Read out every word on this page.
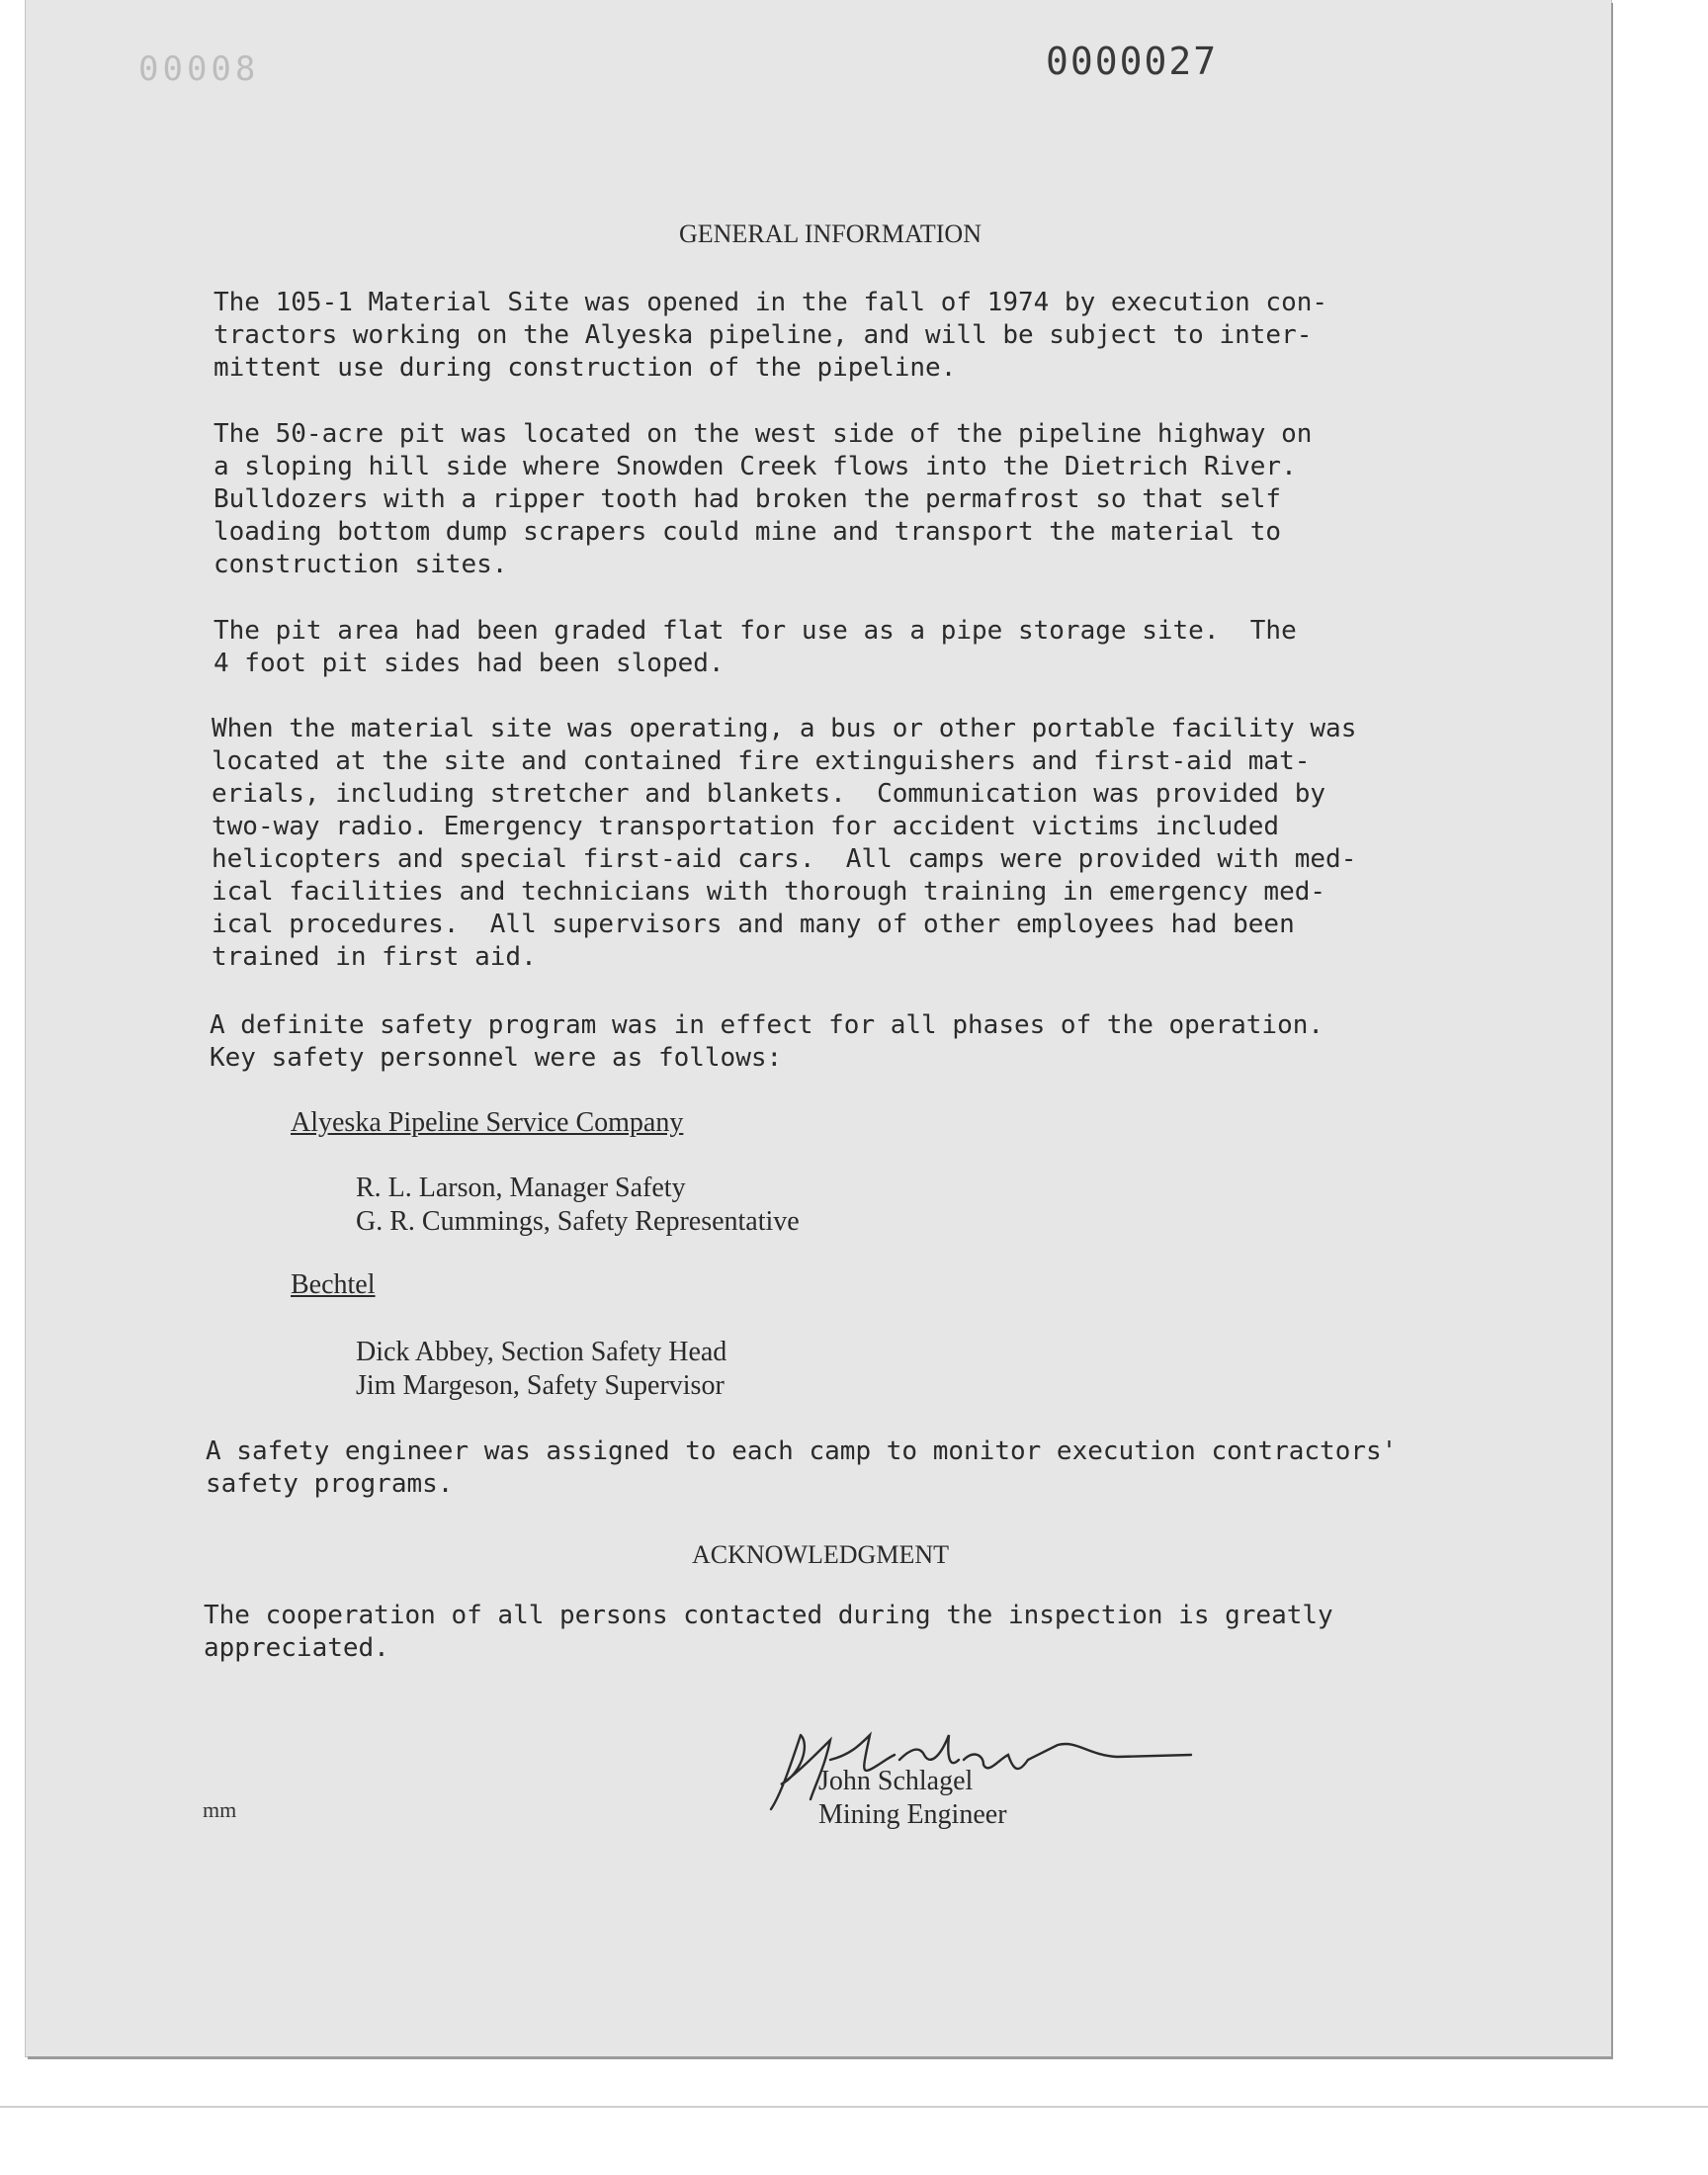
00008	0000027
GENERAL INFORMATION
The 105-1 Material Site was opened in the fall of 1974 by execution con-
tractors working on the Alyeska pipeline, and will be subject to inter-
mittent use during construction of the pipeline.
The 50-acre pit was located on the west side of the pipeline highway on
a sloping hill side where Snowden Creek flows into the Dietrich River.
Bulldozers with a ripper tooth had broken the permafrost so that self
loading bottom dump scrapers could mine and transport the material to
construction sites.
The pit area had been graded flat for use as a pipe storage site.  The
4 foot pit sides had been sloped.
When the material site was operating, a bus or other portable facility was
located at the site and contained fire extinguishers and first-aid mat-
erials, including stretcher and blankets.  Communication was provided by
two-way radio. Emergency transportation for accident victims included
helicopters and special first-aid cars.  All camps were provided with med-
ical facilities and technicians with thorough training in emergency med-
ical procedures.  All supervisors and many of other employees had been
trained in first aid.
A definite safety program was in effect for all phases of the operation.
Key safety personnel were as follows:
A safety engineer was assigned to each camp to monitor execution contractors'
safety programs.
The cooperation of all persons contacted during the inspection is greatly
appreciated.
Alyeska Pipeline Service Company
R. L. Larson, Manager Safety
G. R. Cummings, Safety Representative
Bechtel
Dick Abbey, Section Safety Head
Jim Margeson, Safety Supervisor
ACKNOWLEDGMENT
John Schlagel
Mining Engineer
mm
